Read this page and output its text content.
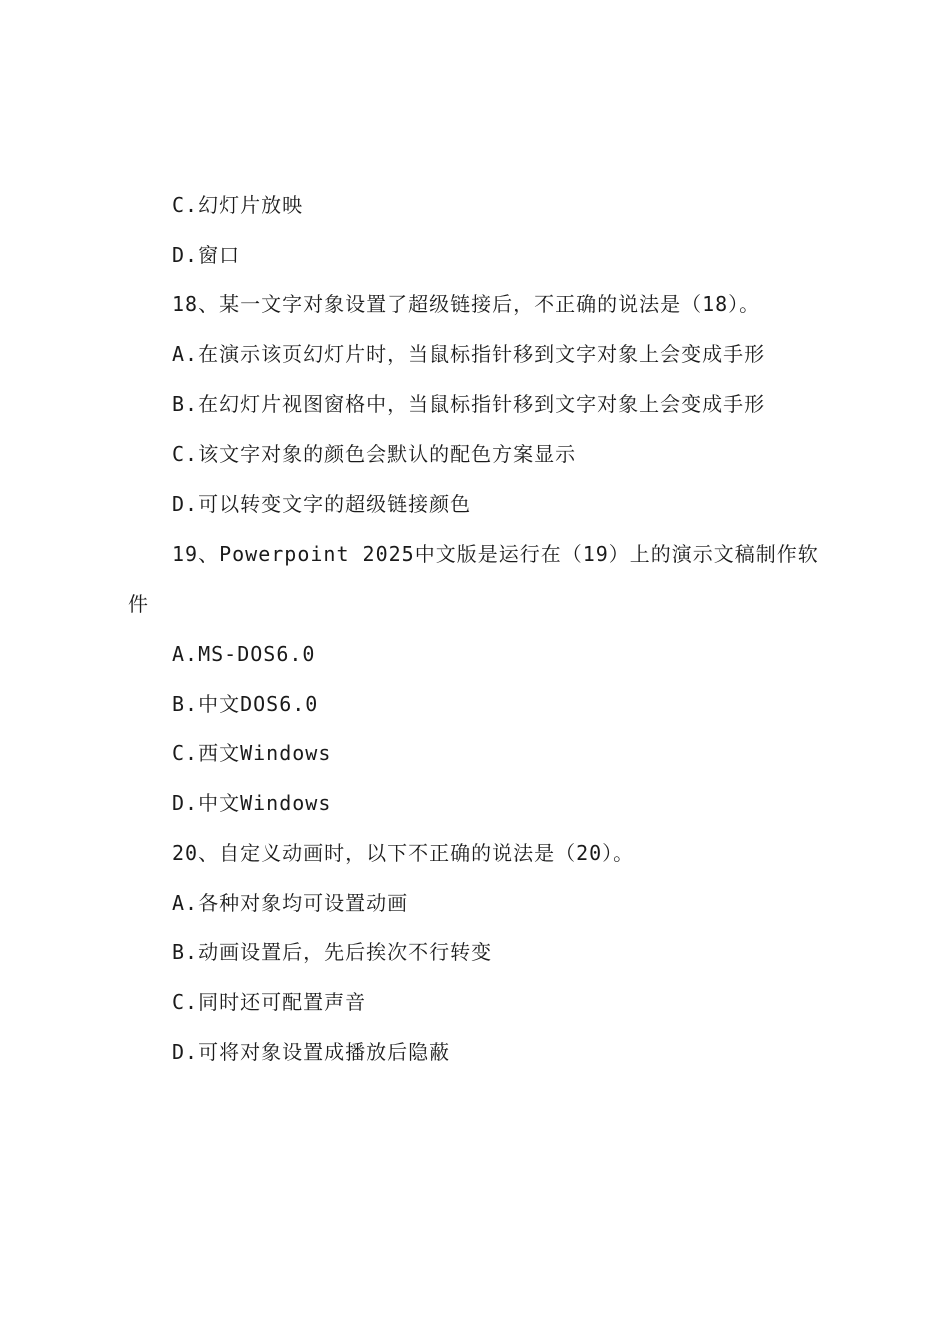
C.幻灯片放映
D.窗口
18、某一文字对象设置了超级链接后，不正确的说法是（18）。
A.在演示该页幻灯片时，当鼠标指针移到文字对象上会变成手形
B.在幻灯片视图窗格中，当鼠标指针移到文字对象上会变成手形
C.该文字对象的颜色会默认的配色方案显示
D.可以转变文字的超级链接颜色
19、Powerpoint 2025中文版是运行在（19）上的演示文稿制作软
件
A.MS-DOS6.0
B.中文DOS6.0
C.西文Windows
D.中文Windows
20、自定义动画时，以下不正确的说法是（20）。
A.各种对象均可设置动画
B.动画设置后，先后挨次不行转变
C.同时还可配置声音
D.可将对象设置成播放后隐蔽
